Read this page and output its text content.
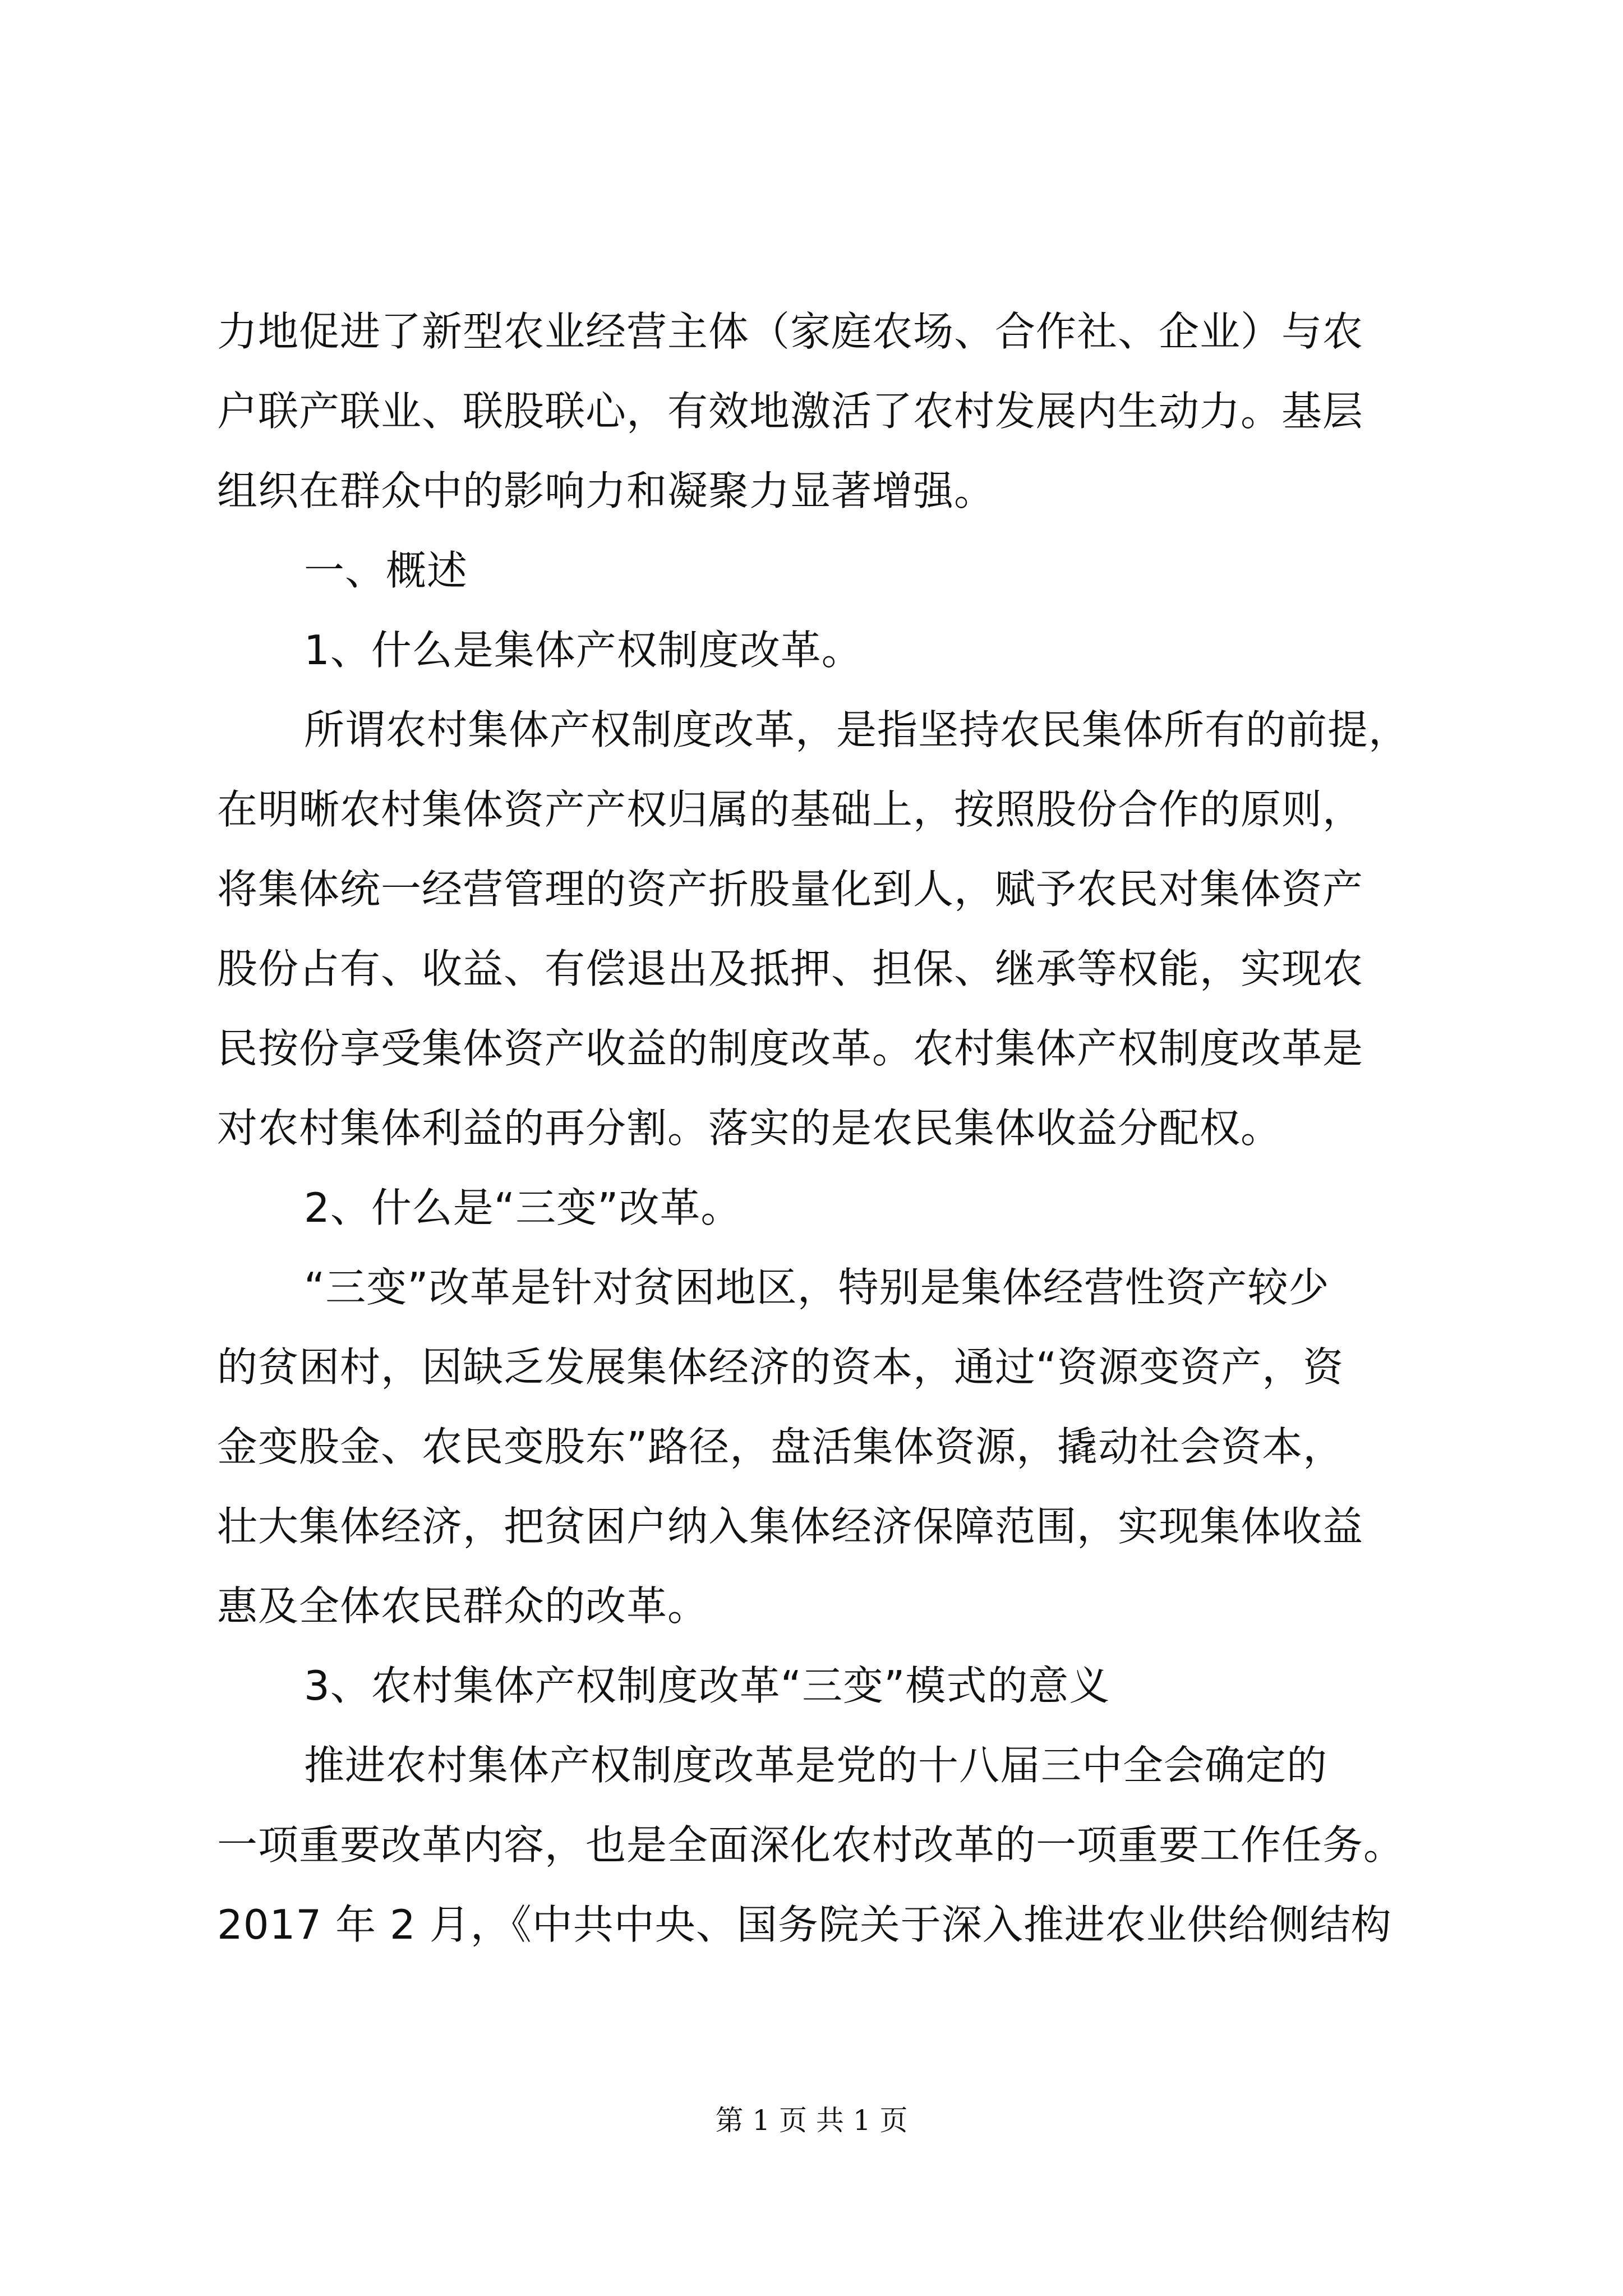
力地促进了新型农业经营主体（家庭农场、合作社、企业）与农
户联产联业、联股联心，有效地激活了农村发展内生动力。基层
组织在群众中的影响力和凝聚力显著增强。
一、概述
1、什么是集体产权制度改革。
所谓农村集体产权制度改革，是指坚持农民集体所有的前提，
在明晰农村集体资产产权归属的基础上，按照股份合作的原则，
将集体统一经营管理的资产折股量化到人，赋予农民对集体资产
股份占有、收益、有偿退出及抵押、担保、继承等权能，实现农
民按份享受集体资产收益的制度改革。农村集体产权制度改革是
对农村集体利益的再分割。落实的是农民集体收益分配权。
2、什么是“三变”改革。
“三变”改革是针对贫困地区，特别是集体经营性资产较少
的贫困村，因缺乏发展集体经济的资本，通过“资源变资产，资
金变股金、农民变股东”路径，盘活集体资源，撬动社会资本，
壮大集体经济，把贫困户纳入集体经济保障范围，实现集体收益
惠及全体农民群众的改革。
3、农村集体产权制度改革“三变”模式的意义
推进农村集体产权制度改革是党的十八届三中全会确定的
一项重要改革内容，也是全面深化农村改革的一项重要工作任务。
2017 年 2 月，《中共中央、国务院关于深入推进农业供给侧结构
第 1 页 共 1 页
